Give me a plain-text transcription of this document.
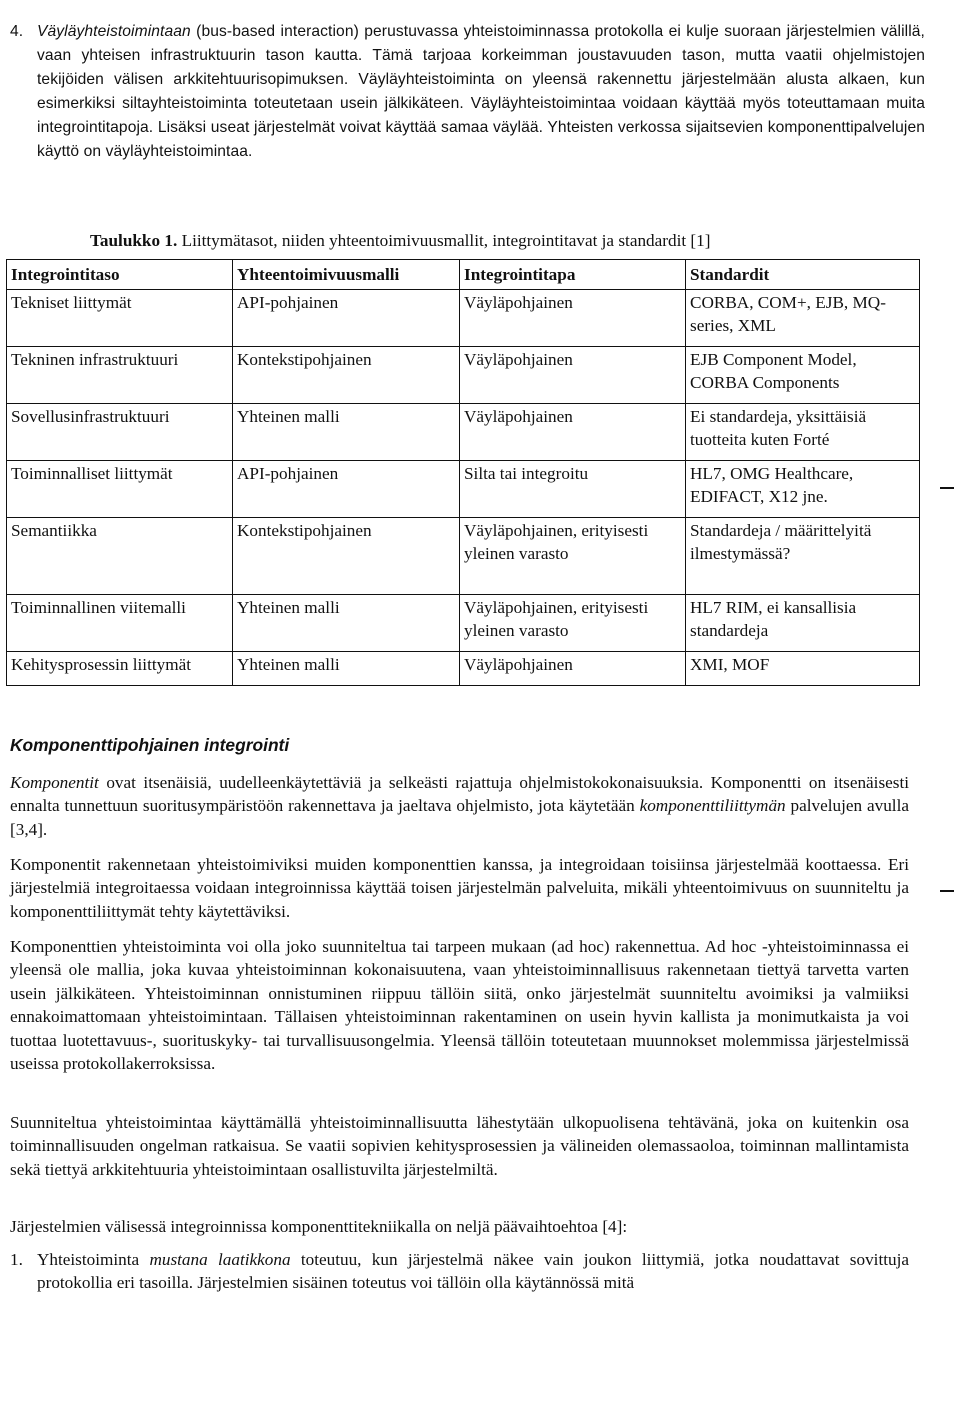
4. Väyläyhteistoimintaan (bus-based interaction) perustuvassa yhteistoiminnassa protokolla ei kulje suoraan järjestelmien välillä, vaan yhteisen infrastruktuurin tason kautta. Tämä tarjoaa korkeimman joustavuuden tason, mutta vaatii ohjelmistojen tekijöiden välisen arkkitehtuurisopimuksen. Väyläyhteistoiminta on yleensä rakennettu järjestelmään alusta alkaen, kun esimerkiksi siltayhteistoiminta toteutetaan usein jälkikäteen. Väyläyhteistoimintaa voidaan käyttää myös toteuttamaan muita integrointitapoja. Lisäksi useat järjestelmät voivat käyttää samaa väylää. Yhteisten verkossa sijaitsevien komponenttipalvelujen käyttö on väyläyhteistoimintaa.
Taulukko 1. Liittymätasot, niiden yhteentoimivuusmallit, integrointitavat ja standardit [1]
Integrointitaso	Yhteentoimivuusmalli	Integrointitapa	Standardit
Tekniset liittymät	API-pohjainen	Väyläpohjainen	CORBA, COM+, EJB, MQ-series, XML
Tekninen infrastruktuuri	Kontekstipohjainen	Väyläpohjainen	EJB Component Model, CORBA Components
Sovellusinfrastruktuuri	Yhteinen malli	Väyläpohjainen	Ei standardeja, yksittäisiä tuotteita kuten Forté
Toiminnalliset liittymät	API-pohjainen	Silta tai integroitu	HL7, OMG Healthcare, EDIFACT, X12 jne.
Semantiikka	Kontekstipohjainen	Väyläpohjainen, erityisesti yleinen varasto	Standardeja / määrittelyitä ilmestymässä?
Toiminnallinen viitemalli	Yhteinen malli	Väyläpohjainen, erityisesti yleinen varasto	HL7 RIM, ei kansallisia standardeja
Kehitysprosessin liittymät	Yhteinen malli	Väyläpohjainen	XMI, MOF
Komponenttipohjainen integrointi
Komponentit ovat itsenäisiä, uudelleenkäytettäviä ja selkeästi rajattuja ohjelmistokokonaisuuksia. Komponentti on itsenäisesti ennalta tunnettuun suoritusympäristöön rakennettava ja jaeltava ohjelmisto, jota käytetään komponenttiliittymän palvelujen avulla [3,4].
Komponentit rakennetaan yhteistoimiviksi muiden komponenttien kanssa, ja integroidaan toisiinsa järjestelmää koottaessa. Eri järjestelmiä integroitaessa voidaan integroinnissa käyttää toisen järjestelmän palveluita, mikäli yhteentoimivuus on suunniteltu ja komponenttiliittymät tehty käytettäviksi.
Komponenttien yhteistoiminta voi olla joko suunniteltua tai tarpeen mukaan (ad hoc) rakennettua. Ad hoc -yhteistoiminnassa ei yleensä ole mallia, joka kuvaa yhteistoiminnan kokonaisuutena, vaan yhteistoiminnallisuus rakennetaan tiettyä tarvetta varten usein jälkikäteen. Yhteistoiminnan onnistuminen riippuu tällöin siitä, onko järjestelmät suunniteltu avoimiksi ja valmiiksi ennakoimattomaan yhteistoimintaan. Tällaisen yhteistoiminnan rakentaminen on usein hyvin kallista ja monimutkaista ja voi tuottaa luotettavuus-, suorituskyky- tai turvallisuusongelmia. Yleensä tällöin toteutetaan muunnokset molemmissa järjestelmissä useissa protokollakerroksissa.
Suunniteltua yhteistoimintaa käyttämällä yhteistoiminnallisuutta lähestytään ulkopuolisena tehtävänä, joka on kuitenkin osa toiminnallisuuden ongelman ratkaisua. Se vaatii sopivien kehitysprosessien ja välineiden olemassaoloa, toiminnan mallintamista sekä tiettyä arkkitehtuuria yhteistoimintaan osallistuvilta järjestelmiltä.
Järjestelmien välisessä integroinnissa komponenttitekniikalla on neljä päävaihtoehtoa [4]:
1. Yhteistoiminta mustana laatikkona toteutuu, kun järjestelmä näkee vain joukon liittymiä, jotka noudattavat sovittuja protokollia eri tasoilla. Järjestelmien sisäinen toteutus voi tällöin olla käytännössä mitä
